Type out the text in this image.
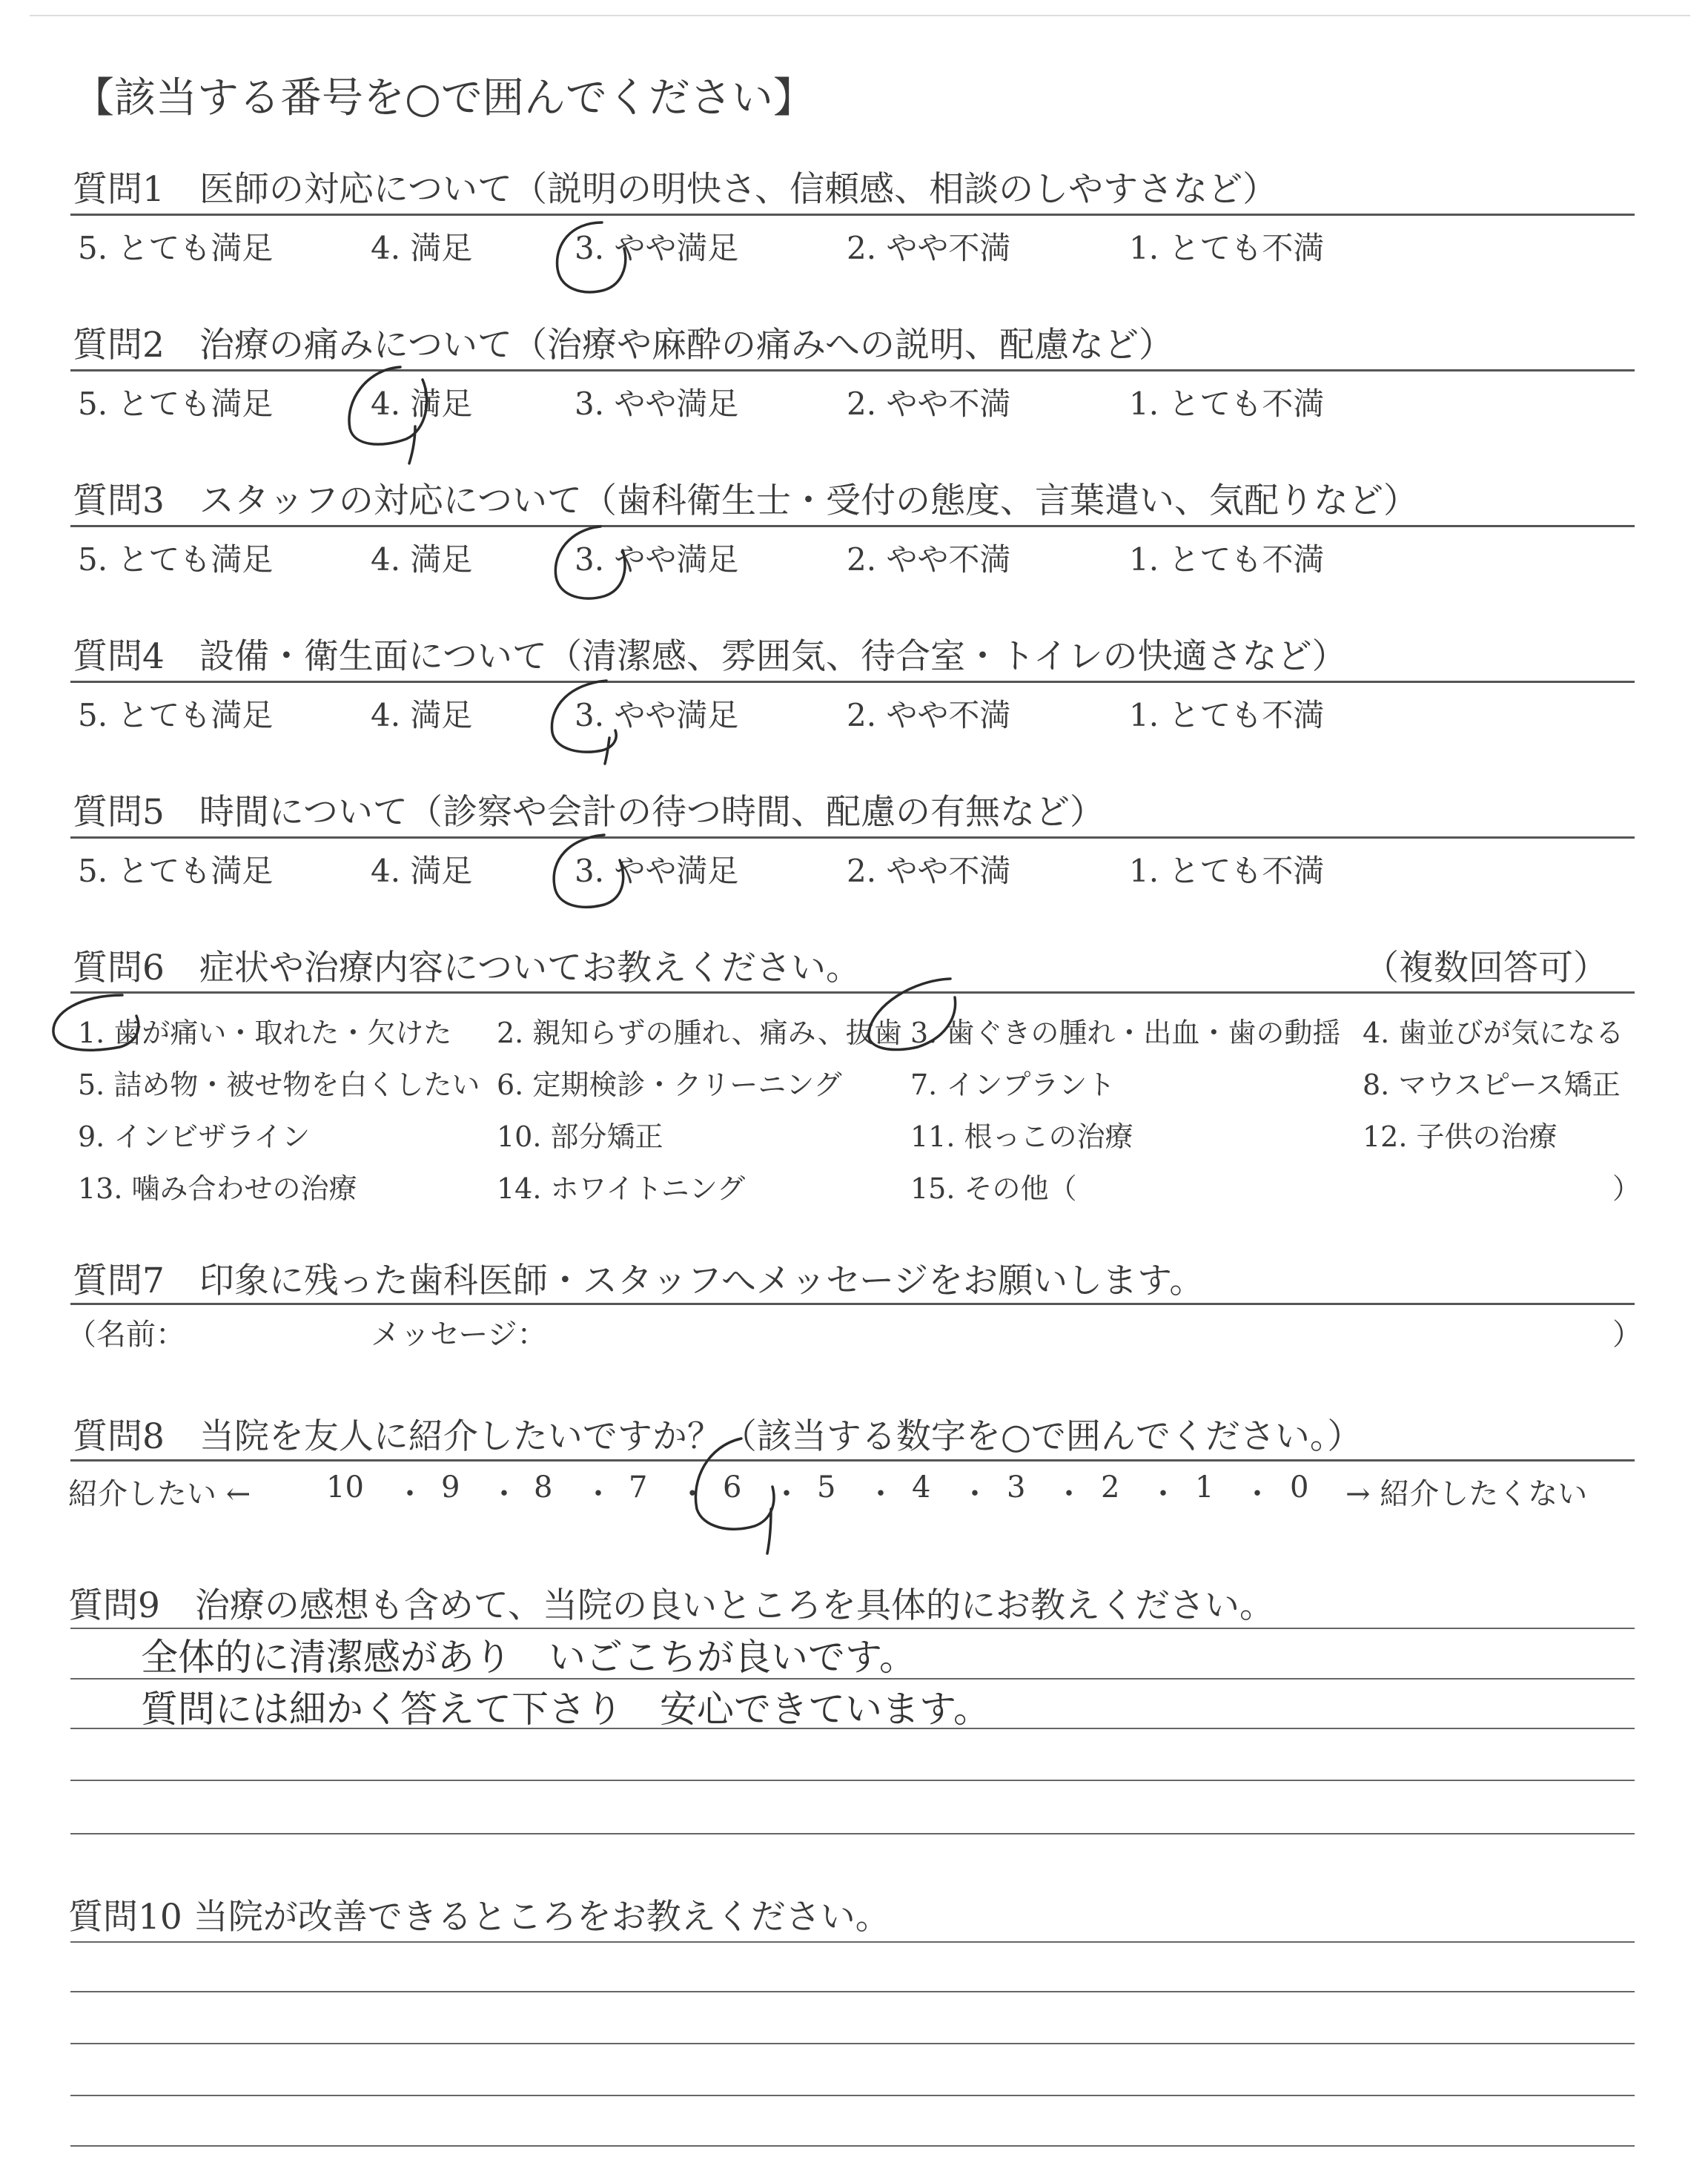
【該当する番号を○で囲んでください】
質問1　医師の対応について（説明の明快さ、信頼感、相談のしやすさなど）
5. とても満足	4. 満足	3. やや満足	2. やや不満	1. とても不満
質問2　治療の痛みについて（治療や麻酔の痛みへの説明、配慮など）
5. とても満足	4. 満足	3. やや満足	2. やや不満	1. とても不満
質問3　スタッフの対応について（歯科衛生士・受付の態度、言葉遣い、気配りなど）
5. とても満足	4. 満足	3. やや満足	2. やや不満	1. とても不満
質問4　設備・衛生面について（清潔感、雰囲気、待合室・トイレの快適さなど）
5. とても満足	4. 満足	3. やや満足	2. やや不満	1. とても不満
質問5　時間について（診察や会計の待つ時間、配慮の有無など）
5. とても満足	4. 満足	3. やや満足	2. やや不満	1. とても不満
質問6　症状や治療内容についてお教えください。	（複数回答可）
1. 歯が痛い・取れた・欠けた 2. 親知らずの腫れ、痛み、抜歯 3. 歯ぐきの腫れ・出血・歯の動揺 4. 歯並びが気になる
5. 詰め物・被せ物を白くしたい 6. 定期検診・クリーニング 7. インプラント	8. マウスピース矯正
9. インビザライン	10. 部分矯正	11. 根っこの治療	12. 子供の治療
13. 噛み合わせの治療	14. ホワイトニング	15. その他（	）
質問7　印象に残った歯科医師・スタッフへメッセージをお願いします。
（名前：	メッセージ：	）
質問8　当院を友人に紹介したいですか？（該当する数字を○で囲んでください。）
紹介したい ←	10	9 8	7	6	5	4	3	2	1	0
・ ・ ・ ・ ・ ・ ・ ・ ・ ・ → 紹介したくない
質問9　治療の感想も含めて、当院の良いところを具体的にお教えください。
全体的に清潔感があり　いごこちが良いです。
質問には細かく答えて下さり　安心できています。
質問10 当院が改善できるところをお教えください。
